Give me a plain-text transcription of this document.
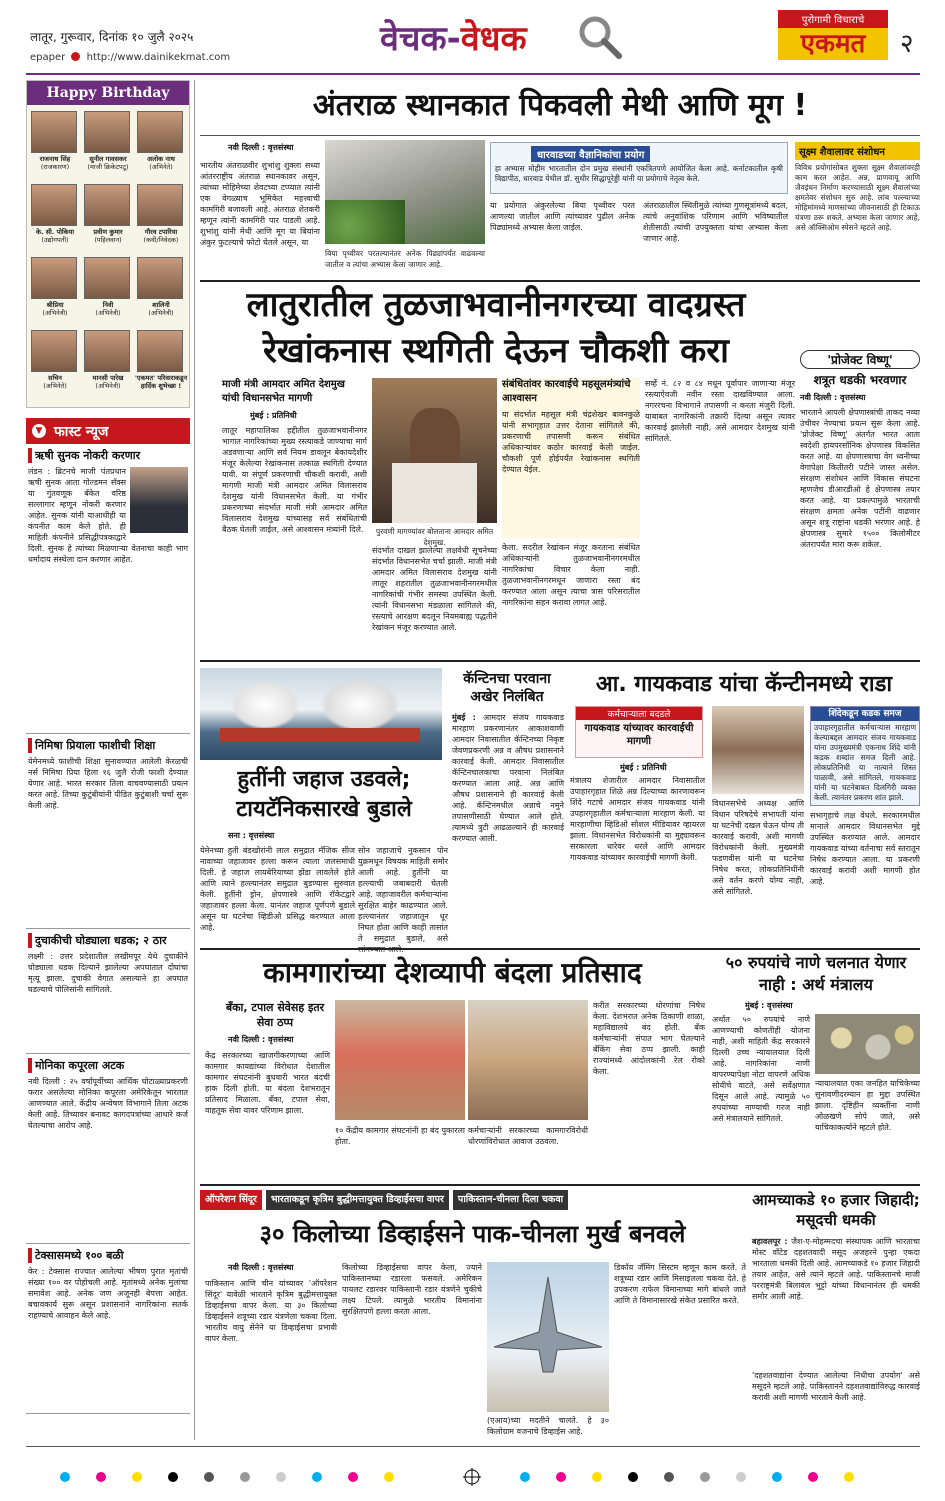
लातूर, गुरूवार, दिनांक १० जुलै २०२५
epaper http://www.dainikekmat.com	वेचक-वेधक	पुरोगामी विचाराचे
एकमत	२
Happy Birthday
राजनाथ सिंह
(राजकारण)
सुनील गावसकर
(माजी क्रिकेटपटू)
अलोक नाथ
(अभिनेते)
के. सी. पोकिया
(उद्योगपती)
प्रवीण कुमार
(पहिलवान)
गौरव टपारिया
(कवी/निवेदक)
श्रीप्रिया
(अभिनेत्री)
निवी
(अभिनेत्री)
शालिनी
(अभिनेत्री)
सचिन
(अभिनेते)
मानसी पारेख
(अभिनेत्री)
'एकमत' परिवाराकडून हार्दिक शुभेच्छा !
▼ फास्ट न्यूज
ऋषी सुनक नोकरी करणार
लंडन : ब्रिटनचे माजी पंतप्रधान ऋषी सुनक आता गोल्डमन सॅक्स या गुंतवणूक बँकेत वरिष्ठ सल्लागार म्हणून नोकरी करणार आहेत. सुनक यांनी याआधीही या कंपनीत काम केले होते. ही माहिती कंपनीने प्रसिद्धीपत्रकाद्वारे दिली. सुनक हे त्यांच्या मिळणाऱ्या वेतनाचा काही भाग धर्मादाय संस्थेला दान करणार आहेत.
निमिषा प्रियाला फाशीची शिक्षा
येमेनमध्ये फाशीची शिक्षा सुनावण्यात आलेली केरळची नर्स निमिषा प्रिया हिला १६ जुलै रोजी फाशी देण्यात येणार आहे. भारत सरकार तिला वाचवण्यासाठी प्रयत्न करत आहे. तिच्या कुटुंबीयांनी पीडित कुटुंबाशी चर्चा सुरू केली आहे.
दुचाकीची घोड्याला धडक; २ ठार
लक्ष्मी : उत्तर प्रदेशातील लखीमपूर येथे दुचाकीने घोड्याला धडक दिल्याने झालेल्या अपघातात दोघांचा मृत्यू झाला. दुचाकी वेगात असल्याने हा अपघात घडल्याचे पोलिसांनी सांगितले.
मोनिका कपूरला अटक
नवी दिल्ली : २५ वर्षांपूर्वीच्या आर्थिक घोटाळ्याप्रकरणी फरार असलेल्या मोनिका कपूरला अमेरिकेतून भारतात आणण्यात आले. केंद्रीय अन्वेषण विभागाने तिला अटक केली आहे. तिच्यावर बनावट कागदपत्रांच्या आधारे कर्ज घेतल्याचा आरोप आहे.
टेक्सासमध्ये १०० बळी
केर : टेक्सास राज्यात आलेल्या भीषण पुरात मृतांची संख्या १०० वर पोहोचली आहे. मृतांमध्ये अनेक मुलांचा समावेश आहे. अनेक जण अजूनही बेपत्ता आहेत. बचावकार्य सुरू असून प्रशासनाने नागरिकांना सतर्क राहण्याचे आवाहन केले आहे.
अंतराळ स्थानकात पिकवली मेथी आणि मूग !
नवी दिल्ली : वृत्तसंस्था
भारतीय अंतराळवीर शुभांशु शुक्ला सध्या आंतरराष्ट्रीय अंतराळ स्थानकावर असून, त्यांच्या मोहिमेच्या शेवटच्या टप्प्यात त्यांनी एक वेगळ्याच भूमिकेत महत्त्वाची कामगिरी बजावली आहे. अंतराळ शेतकरी म्हणून त्यांनी कामगिरी पार पाडली आहे. शुभांशु यांनी मेथी आणि मूग या बियांना अंकुर फुटल्याचे फोटो घेतले असून, या
बिया पृथ्वीवर परतल्यानंतर अनेक पिढ्यांपर्यंत वाढवल्या जातील व त्यांचा अभ्यास केला जाणार आहे.
धारवाडच्या वैज्ञानिकांचा प्रयोग
हा अभ्यास मोहीम भारतातील दोन प्रमुख संस्थांनी एकत्रितपणे आयोजित केला आहे. कर्नाटकातील कृषी विद्यापीठ, धारवाड येथील डॉ. सुधीर सिद्धापूरेड्डी यांनी या प्रयोगाचे नेतृत्व केले.
या प्रयोगात अंकुरलेल्या बिया पृथ्वीवर परत आणल्या जातील आणि त्यांच्यावर पुढील अनेक पिढ्यांमध्ये अभ्यास केला जाईल.
अंतराळातील स्थितीमुळे त्यांच्या गुणसूत्रांमध्ये बदल, त्यांचे अनुवांशिक परिणाम आणि भविष्यातील शेतीसाठी त्यांची उपयुक्तता यांचा अभ्यास केला जाणार आहे.
सूक्ष्म शैवालावर संशोधन
विविध प्रयोगांसोबत शुक्ला सूक्ष्म शैवालांवरही काम करत आहेत. अन्न, प्राणवायू आणि जैवइंधन निर्माण करण्यासाठी सूक्ष्म शैवालांच्या क्षमतेवर संशोधन सुरु आहे. लांब पल्ल्याच्या मोहिमांमध्ये माणसांच्या जीवनासाठी ही टिकाऊ यंत्रणा ठरू शकते. अभ्यास केला जाणार आहे, असे ऑक्सिओम स्पेसने म्हटले आहे.
लातुरातील तुळजाभवानीनगरच्या वादग्रस्त रेखांकनास स्थगिती देऊन चौकशी करा
माजी मंत्री आमदार अमित देशमुख यांची विधानसभेत मागणी
मुंबई : प्रतिनिधी
लातूर महापालिका हद्दीतील तुळजाभवानीनगर भागात नागरिकांच्या मुख्य रस्त्याकडे जाण्याचा मार्ग अडवणाऱ्या आणि सर्व नियम डावलून बेकायदेशीर मंजूर केलेल्या रेखांकनास तत्काळ स्थगिती देण्यात यावी. या संपूर्ण प्रकरणाची चौकशी करावी, अशी मागणी माजी मंत्री आमदार अमित विलासराव देशमुख यांनी विधानसभेत केली. या गंभीर प्रकरणाच्या संदर्भात माजी मंत्री आमदार अमित विलासराव देशमुख यांच्यासह सर्व संबंधितांची बैठक घेतली जाईल, असे आश्वासन मंत्र्यांनी दिले.	पुरवणी मागण्यांवर बोलताना आमदार अमित देशमुख.
संदर्भात दाखल झालेल्या लक्षवेधी सूचनेच्या संदर्भात विधानसभेत चर्चा झाली. माजी मंत्री आमदार अमित विलासराव देशमुख यांनी लातूर शहरातील तुळजाभवानीनगरमधील नागरिकांची गंभीर समस्या उपस्थित केली. त्यांनी विधानसभा मंडळाला सांगितले की, रस्त्याचे आरक्षण बदलून नियमबाह्य पद्धतीने रेखांकन मंजूर करण्यात आले.
संबंधितांवर कारवाईचे महसूलमंत्र्यांचे आश्वासन
या संदर्भात महसूल मंत्री चंद्रशेखर बावनकुळे यांनी सभागृहात उत्तर देताना सांगितले की, प्रकरणाची तपासणी करून संबंधित अधिकाऱ्यांवर कठोर कारवाई केली जाईल. चौकशी पूर्ण होईपर्यंत रेखांकनास स्थगिती देण्यात येईल.
केला. सदरील रेखांकन मंजूर करताना संबंधित अधिकाऱ्यांनी तुळजाभवानीनगरमधील नागरिकांचा विचार केला नाही. तुळजाभवानीनगरमधून जाणारा रस्ता बंद करण्यात आला असून त्याचा त्रास परिसरातील नागरिकांना सहन करावा लागत आहे.
सर्व्हे नं. ८२ व ८४ मधून पूर्वापार जाणाऱ्या मंजूर रस्त्याऐवजी नवीन रस्ता दाखविण्यात आला. नगररचना विभागाने तपासणी न करता मंजुरी दिली. याबाबत नागरिकांनी तक्रारी दिल्या असून त्यावर कारवाई झालेली नाही, असे आमदार देशमुख यांनी सांगितले.
'प्रोजेक्ट विष्णू'
शत्रूत धडकी भरवणार
नवी दिल्ली : वृत्तसंस्था
भारताने आपली क्षेपणास्त्रांची ताकद नव्या उंचीवर नेण्याचा प्रयत्न सुरू केला आहे. 'प्रोजेक्ट विष्णू' अंतर्गत भारत आता स्वदेशी हायपरसॉनिक क्षेपणास्त्र विकसित करत आहे. या क्षेपणास्त्राचा वेग ध्वनीच्या वेगापेक्षा कितीतरी पटीने जास्त असेल. संरक्षण संशोधन आणि विकास संघटना म्हणजेच डीआरडीओ हे क्षेपणास्त्र तयार करत आहे. या प्रकल्पामुळे भारताची संरक्षण क्षमता अनेक पटींनी वाढणार असून शत्रू राष्ट्रांना धडकी भरणार आहे. हे क्षेपणास्त्र सुमारे १५०० किलोमीटर अंतरापर्यंत मारा करू शकेल.
हुतींनी जहाज उडवले; टायटॅनिकसारखे बुडाले
सना : वृत्तसंस्था
येमेनच्या हुती बंडखोरांनी लाल समुद्रात मॅजिक सीज नावाच्या जहाजावर हल्ला करून त्याला जलसमाधी दिली. हे जहाज लायबेरियाच्या झेंडा लावलेले होते आणि त्याने हल्ल्यानंतर समुद्रात बुडण्यास सुरुवात केली. हुतींनी ड्रोन, क्षेपणास्त्रे आणि रॉकेटद्वारे जहाजावर हल्ला केला. यानंतर जहाज पूर्णपणे बुडाले असून या घटनेचा व्हिडीओ प्रसिद्ध करण्यात आला आहे.
सोन जहाजाचे नुकसान पोन युक्रमधून विषयक माहिती समोर आली आहे. हुतींनी या हल्ल्याची जबाबदारी घेतली आहे. जहाजावरील कर्मचाऱ्यांना सुरक्षित बाहेर काढण्यात आले. हल्ल्यानंतर जहाजातून धूर निघत होता आणि काही तासांत ते समुद्रात बुडाले, असे
कॅन्टिनचा परवाना अखेर निलंबित
मुंबई : आमदार संजय गायकवाड मारहाण प्रकरणानंतर आकाशवाणी आमदार निवासातील कॅन्टिनच्या निकृष्ट जेवणप्रकरणी अन्न व औषध प्रशासनाने कारवाई केली. आमदार निवासातील कॅन्टिनचालकाचा परवाना निलंबित करण्यात आला आहे. अन्न आणि औषध प्रशासनाने ही कारवाई केली आहे. कॅन्टिनमधील अन्नाचे नमुने तपासणीसाठी घेण्यात आले होते. त्यामध्ये त्रुटी आढळल्याने ही कारवाई करण्यात आली.
आ. गायकवाड यांचा कॅन्टीनमध्ये राडा
कर्मचाऱ्याला बदडले
गायकवाड यांच्यावर कारवाईची मागणी
मुंबई : प्रतिनिधी
मंत्रालय शेजारील आमदार निवासातील उपाहारगृहात शिळे अन्न दिल्याच्या कारणावरून शिंदे गटाचे आमदार संजय गायकवाड यांनी उपहारगृहातील कर्मचाऱ्याला मारहाण केली. या मारहाणीचा व्हिडिओ सोशल मीडियावर व्हायरल झाला. विधानसभेत विरोधकांनी या मुद्द्यावरून सरकारला धारेवर धरले आणि आमदार गायकवाड यांच्यावर कारवाईची मागणी केली.
विधानसभेचे अध्यक्ष आणि विधान परिषदेचे सभापती यांना या घटनेची दखल घेऊन योग्य ती कारवाई करावी, अशी मागणी विरोधकांनी केली. मुख्यमंत्री फडणवीस यांनी या घटनेचा निषेध करत, लोकप्रतिनिधींनी असे वर्तन करणे योग्य नाही, असे सांगितले.
शिंदेकडून कडक समज
उपाहारगृहातील कर्मचाऱ्यास मारहाण केल्याबद्दल आमदार संजय गायकवाड यांना उपमुख्यमंत्री एकनाथ शिंदे यांनी कडक शब्दांत समज दिली आहे. लोकप्रतिनिधी या नात्याने शिस्त पाळावी, असे सांगितले. गायकवाड यांनी या घटनेबाबत दिलगिरी व्यक्त केली. त्यानंतर प्रकरण शांत झाले.
सभागृहाचे लक्ष वेधले. सरकारमधील मानाले आमदार विधानसभेत मुद्दे उपस्थित करण्यात आले. आमदार गायकवाड यांच्या वर्तनाचा सर्व स्तरातून निषेध करण्यात आला. या प्रकरणी कारवाई करावी अशी मागणी होत आहे.
कामगारांच्या देशव्यापी बंदला प्रतिसाद
बँका, टपाल सेवेसह इतर सेवा ठप्प
नवी दिल्ली : वृत्तसंस्था
केंद्र सरकारच्या खाजगीकरणाच्या आणि कामगार कायद्यांच्या विरोधात देशातील कामगार संघटनांनी बुधवारी भारत बंदची हाक दिली होती. या बंदला देशभरातून प्रतिसाद मिळाला. बँका, टपाल सेवा, वाहतूक सेवा यावर परिणाम झाला.
१० केंद्रीय कामगार संघटनांनी हा बंद पुकारला होता.
कर्मचाऱ्यांनी सरकारच्या कामगारविरोधी धोरणांविरोधात आवाज उठवला.
करीत सरकारच्या धोरणांचा निषेध केला. देशभरात अनेक ठिकाणी शाळा, महाविद्यालये बंद होती. बँक कर्मचाऱ्यांनी संपात भाग घेतल्याने बँकिंग सेवा ठप्प झाली. काही राज्यांमध्ये आंदोलकांनी रेल रोको केला.
५० रुपयांचे नाणे चलनात येणार नाही : अर्थ मंत्रालय
मुंबई : वृत्तसंस्था
अर्थात ५० रुपयांचे नाणे आणण्याची कोणतीही योजना नाही, अशी माहिती केंद्र सरकारने दिल्ली उच्च न्यायालयात दिली आहे. नागरिकांना नाणी वापरण्यापेक्षा नोटा वापरणे अधिक सोयीचे वाटते, असे सर्वेक्षणात दिसून आले आहे. त्यामुळे ५० रुपयांच्या नाण्याची गरज नाही असे मंत्रालयाने सांगितले.
न्यायालयात एका जनहित याचिकेच्या सुनावणीदरम्यान हा मुद्दा उपस्थित झाला. दृष्टिहीन व्यक्तींना नाणी ओळखणे सोपे जाते, असे याचिकाकर्त्याने म्हटले होते.
ऑपरेशन सिंदूर	भारताकडून कृत्रिम बुद्धीमत्तायुक्त डिव्हाईसचा वापर	पाकिस्तान-चीनला दिला चकवा
३० किलोच्या डिव्हाईसने पाक-चीनला मुर्ख बनवले
नवी दिल्ली : वृत्तसंस्था
पाकिस्तान आणि चीन यांच्यावर 'ऑपरेशन सिंदूर' यावेळी भारताने कृत्रिम बुद्धीमत्तायुक्त डिव्हाईसचा वापर केला. या ३० किलोच्या डिव्हाईसने शत्रूच्या रडार यंत्रणेला चकवा दिला. भारतीय वायु सेनेने या डिव्हाईसचा प्रभावी वापर केला.
किलोच्या डिव्हाईसचा वापर केला, ज्याने पाकिस्तानच्या रडारला फसवले. अमेरिकन पायलट रडारवर पाकिस्तानी रडार यंत्रणेने चुकीचे लक्ष्य टिपले. त्यामुळे भारतीय विमानांना सुरक्षितपणे हल्ला करता आला.
(एआय)च्या मदतीने चालते. हे ३० किलोग्राम वजनाचे डिव्हाईस आहे.
डिकॉय जॅमिंग सिस्टम म्हणून काम करते. ते शत्रूच्या रडार आणि मिसाइलला चकवा देते. हे उपकरण राफेल विमानाच्या मागे बांधले जाते आणि ते विमानासारखे संकेत प्रसारित करते.
आमच्याकडे १० हजार जिहादी; मसूदची धमकी
बहावलपूर : जैश-ए-मोहम्मदचा संस्थापक आणि भारताचा मोस्ट वाँटेड दहशतवादी मसूद अजहरने पुन्हा एकदा भारताला धमकी दिली आहे. आमच्याकडे १० हजार जिहादी तयार आहेत, असे त्याने म्हटले आहे. पाकिस्तानचे माजी परराष्ट्रमंत्री बिलावल भुट्टो यांच्या विधानानंतर ही धमकी समोर आली आहे.
'दहशतवाद्यांना देण्यात आलेल्या निधीचा उपयोग' असे मसूदने म्हटले आहे. पाकिस्तानने दहशतवाद्यांविरुद्ध कारवाई करावी अशी मागणी भारताने केली आहे.
